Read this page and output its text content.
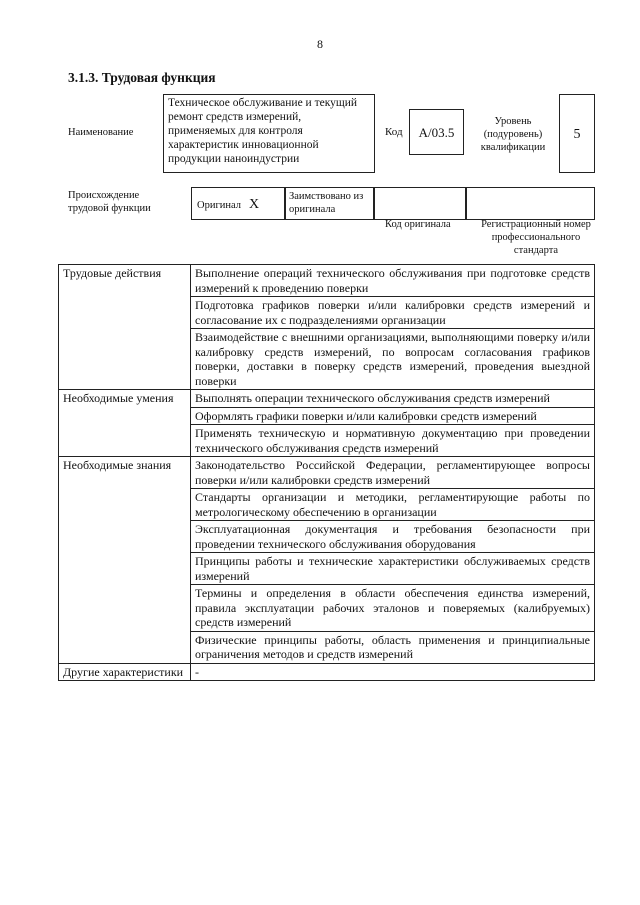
8
3.1.3. Трудовая функция
Наименование
Техническое обслуживание и текущий ремонт средств измерений, применяемых для контроля характеристик инновационной продукции наноиндустрии
Код	A/03.5
Уровень (подуровень) квалификации
5
Происхождение трудовой функции	Оригинал X
Заимствовано из оригинала
Код оригинала	Регистрационный номер профессионального стандарта
Трудовые действия	Выполнение операций технического обслуживания при подготовке средств измерений к проведению поверки
	Подготовка графиков поверки и/или калибровки средств измерений и согласование их с подразделениями организации
	Взаимодействие с внешними организациями, выполняющими поверку и/или калибровку средств измерений, по вопросам согласования графиков поверки, доставки в поверку средств измерений, проведения выездной поверки
Необходимые умения	Выполнять операции технического обслуживания средств измерений
	Оформлять графики поверки и/или калибровки средств измерений
	Применять техническую и нормативную документацию при проведении технического обслуживания средств измерений
Необходимые знания	Законодательство Российской Федерации, регламентирующее вопросы поверки и/или калибровки средств измерений
	Стандарты организации и методики, регламентирующие работы по метрологическому обеспечению в организации
	Эксплуатационная документация и требования безопасности при проведении технического обслуживания оборудования
	Принципы работы и технические характеристики обслуживаемых средств измерений
	Термины и определения в области обеспечения единства измерений, правила эксплуатации рабочих эталонов и поверяемых (калибруемых) средств измерений
	Физические принципы работы, область применения и принципиальные ограничения методов и средств измерений
Другие характеристики	-
